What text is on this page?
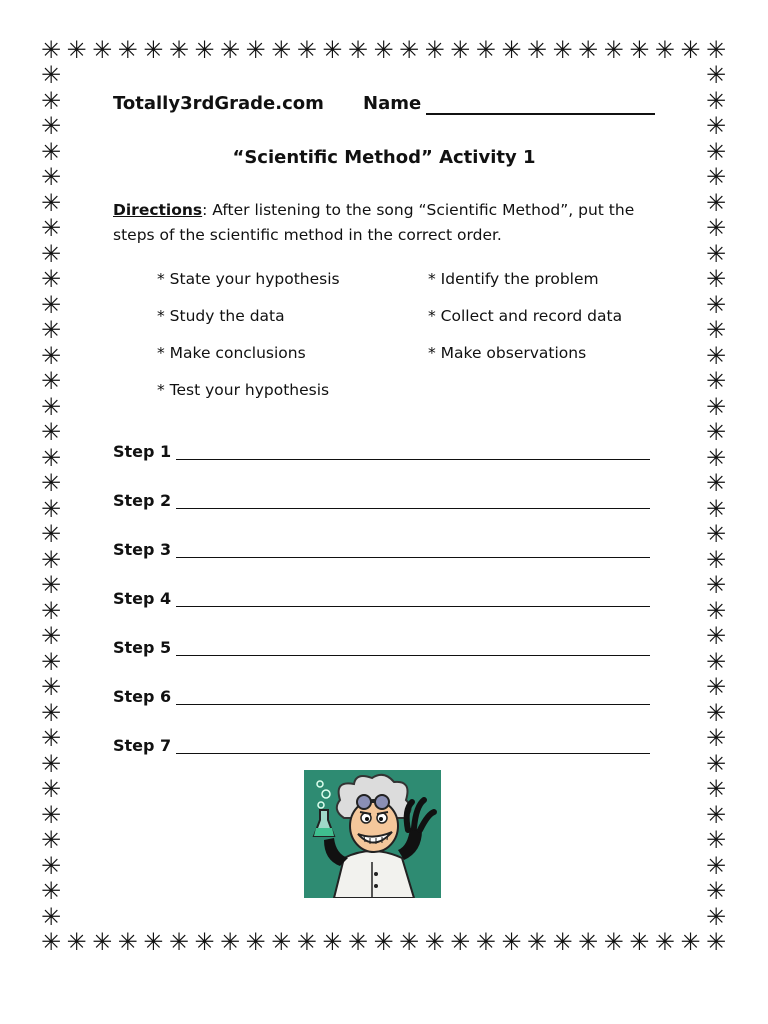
✳
✳
✳
✳
✳
✳
✳
✳
✳
✳
✳
✳
✳
✳
✳
✳
✳
✳
✳
✳
✳
✳
✳
✳
✳
✳
✳
✳
✳
✳
✳
✳
✳
✳
✳
✳
✳
✳
✳
✳
✳
✳
✳
✳
✳
✳
✳
✳
✳
✳
✳
✳
✳
✳
✳	✳
✳	✳
✳	✳
✳	✳
✳	✳
✳	✳
✳	✳
✳	✳
✳	✳
✳	✳
✳	✳
✳	✳
✳	✳
✳	✳
✳	✳
✳	✳
✳	✳
✳	✳
✳	✳
✳	✳
✳	✳
✳	✳
✳	✳
✳	✳
✳	✳
✳	✳
✳	✳
✳	✳
✳	✳
✳	✳
✳	✳
✳	✳
✳	✳
✳	✳
Totally3rdGrade.com Name
“Scientific Method” Activity 1
Directions: After listening to the song “Scientific Method”, put the steps of the scientific method in the correct order.
* State your hypothesis	* Identify the problem
* Study the data	* Collect and record data
* Make conclusions	* Make observations
* Test your hypothesis
Step 1
Step 2
Step 3
Step 4
Step 5
Step 6
Step 7
